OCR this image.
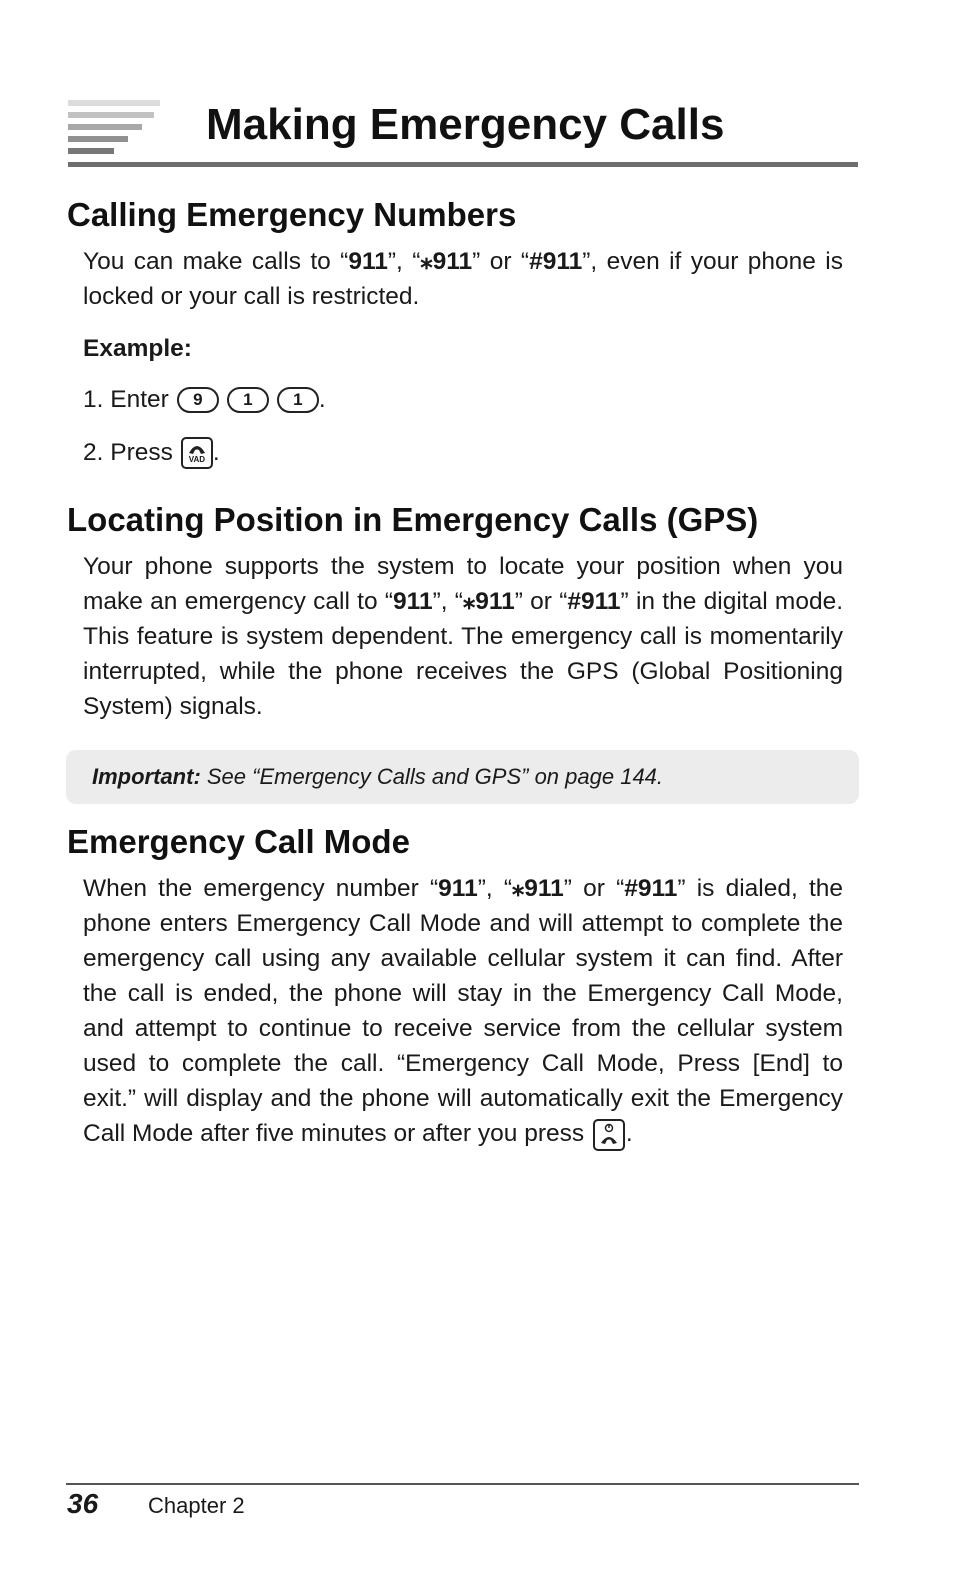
Making Emergency Calls
Calling Emergency Numbers

You can make calls to “911”, “⁎911” or “#911”, even if your phone is locked or your call is restricted.

Example:
1. Enter	9	1	1 .
2. Press VAD .
Locating Position in Emergency Calls (GPS)

Your phone supports the system to locate your position when you make an emergency call to “911”, “⁎911” or “#911” in the digital mode. This feature is system dependent. The emergency call is momentarily interrupted, while the phone receives the GPS (Global Positioning System) signals.

Important: See “Emergency Calls and GPS” on page 144.
Emergency Call Mode

When the emergency number “911”, “⁎911” or “#911” is dialed, the phone enters Emergency Call Mode and will attempt to complete the emergency call using any available cellular system it can find. After the call is ended, the phone will stay in the Emergency Call Mode, and attempt to continue to receive service from the cellular system used to complete the call. “Emergency Call Mode, Press [End] to exit.” will display and the phone will automatically exit the Emergency Call Mode after five minutes or after you press .

36 Chapter 2
